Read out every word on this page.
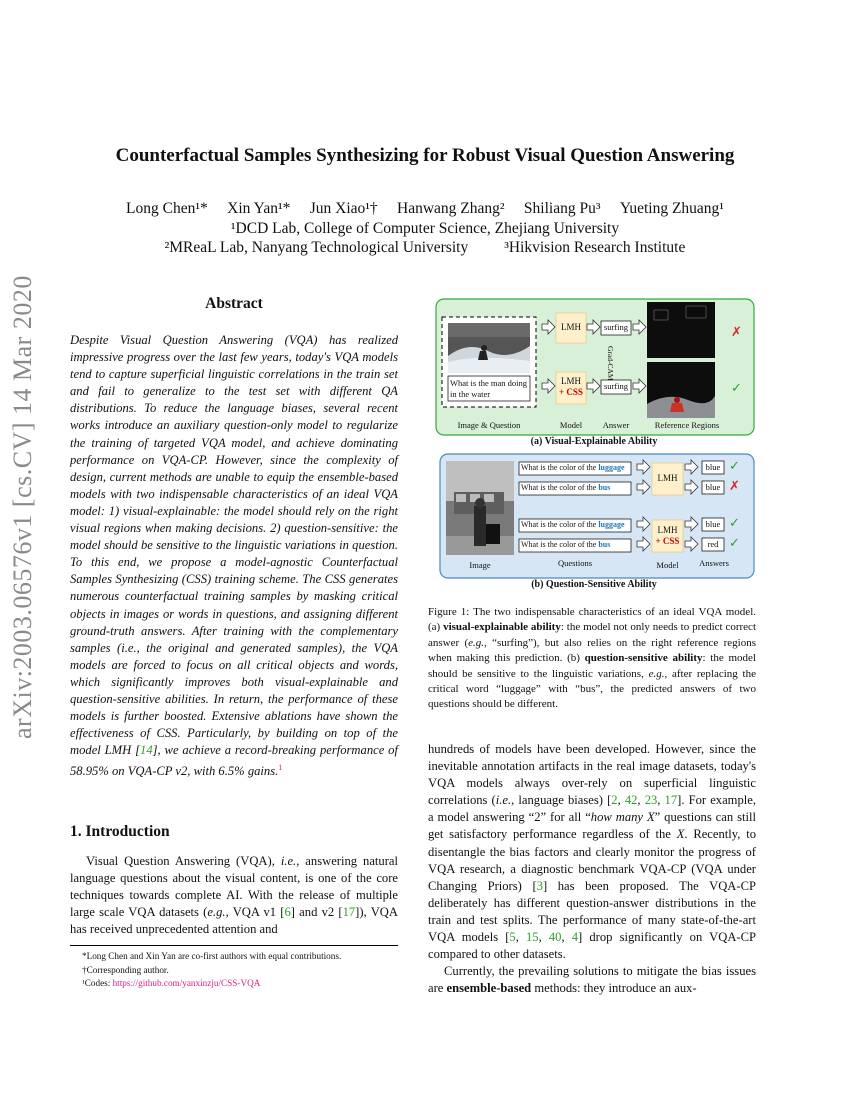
arXiv:2003.06576v1 [cs.CV] 14 Mar 2020
Counterfactual Samples Synthesizing for Robust Visual Question Answering
Long Chen¹*  Xin Yan¹*  Jun Xiao¹†  Hanwang Zhang²  Shiliang Pu³  Yueting Zhuang¹
¹DCD Lab, College of Computer Science, Zhejiang University
²MReaL Lab, Nanyang Technological University ³Hikvision Research Institute
Abstract
Despite Visual Question Answering (VQA) has realized impressive progress over the last few years, today's VQA models tend to capture superficial linguistic correlations in the train set and fail to generalize to the test set with different QA distributions. To reduce the language biases, several recent works introduce an auxiliary question-only model to regularize the training of targeted VQA model, and achieve dominating performance on VQA-CP. However, since the complexity of design, current methods are unable to equip the ensemble-based models with two indispensable characteristics of an ideal VQA model: 1) visual-explainable: the model should rely on the right visual regions when making decisions. 2) question-sensitive: the model should be sensitive to the linguistic variations in question. To this end, we propose a model-agnostic Counterfactual Samples Synthesizing (CSS) training scheme. The CSS generates numerous counterfactual training samples by masking critical objects in images or words in questions, and assigning different ground-truth answers. After training with the complementary samples (i.e., the original and generated samples), the VQA models are forced to focus on all critical objects and words, which significantly improves both visual-explainable and question-sensitive abilities. In return, the performance of these models is further boosted. Extensive ablations have shown the effectiveness of CSS. Particularly, by building on top of the model LMH [14], we achieve a record-breaking performance of 58.95% on VQA-CP v2, with 6.5% gains.$^1$
1. Introduction
Visual Question Answering (VQA), i.e., answering natural language questions about the visual content, is one of the core techniques towards complete AI. With the release of multiple large scale VQA datasets (e.g., VQA v1 [6] and v2 [17]), VQA has received unprecedented attention and
*Long Chen and Xin Yan are co-first authors with equal contributions.
†Corresponding author.
¹Codes: https://github.com/yanxinzju/CSS-VQA
What is the man doing in the water
LMH
LMH
+ CSS
surfing
surfing
Grad-CAM
✗
✓
Image & Question	Model	Answer	Reference Regions
(a) Visual-Explainable Ability
What is the color of the luggage
What is the color of the bus
What is the color of the luggage
What is the color of the bus
LMH
LMH
+ CSS
blue
blue
blue
red
✓
✗
✓
✓
Image	Questions	Model	Answers
(b) Question-Sensitive Ability
Figure 1: The two indispensable characteristics of an ideal VQA model. (a) visual-explainable ability: the model not only needs to predict correct answer (e.g., “surfing”), but also relies on the right reference regions when making this prediction. (b) question-sensitive ability: the model should be sensitive to the linguistic variations, e.g., after replacing the critical word “luggage” with “bus”, the predicted answers of two questions should be different.

hundreds of models have been developed. However, since the inevitable annotation artifacts in the real image datasets, today's VQA models always over-rely on superficial linguistic correlations (i.e., language biases) [2, 42, 23, 17]. For example, a model answering “2” for all “how many X” questions can still get satisfactory performance regardless of the X. Recently, to disentangle the bias factors and clearly monitor the progress of VQA research, a diagnostic benchmark VQA-CP (VQA under Changing Priors) [3] has been proposed. The VQA-CP deliberately has different question-answer distributions in the train and test splits. The performance of many state-of-the-art VQA models [5, 15, 40, 4] drop significantly on VQA-CP compared to other datasets.

Currently, the prevailing solutions to mitigate the bias issues are ensemble-based methods: they introduce an aux-
